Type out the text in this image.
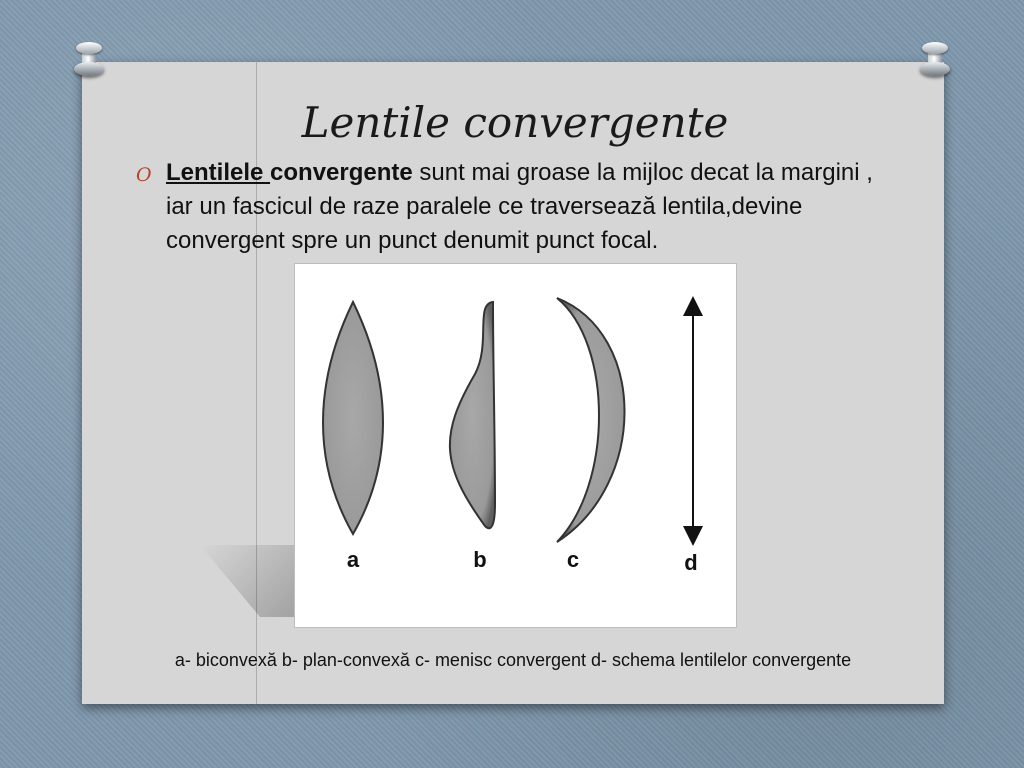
Lentile convergente
O Lentilele convergente sunt mai groase la mijloc decat la margini , iar un fascicul de raze paralele ce traversează lentila,devine convergent spre un punct denumit punct focal.
a	b	c	d
a- biconvexă b- plan-convexă c- menisc convergent d- schema lentilelor convergente
